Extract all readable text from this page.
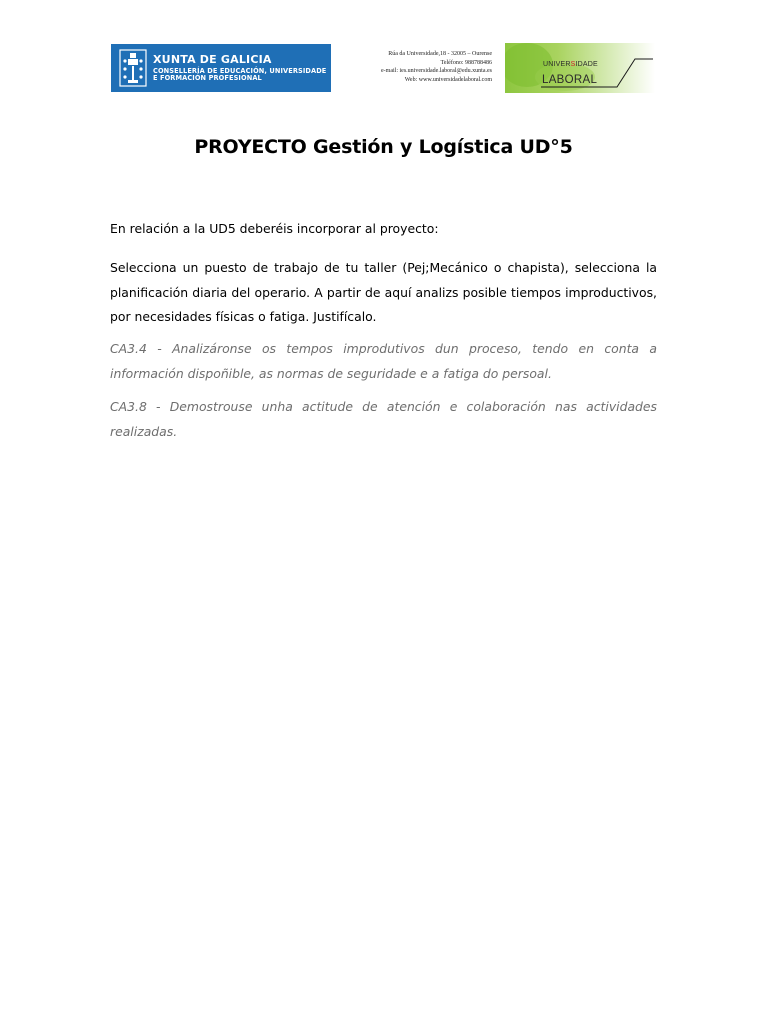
XUNTA DE GALICIA
CONSELLERÍA DE EDUCACIÓN, UNIVERSIDADE
E FORMACIÓN PROFESIONAL
Rúa da Universidade,18 - 32005 – Ourense
Teléfono: 988788486
e-mail: ies.universidade.laboral@edu.xunta.es
Web: www.universidadelaboral.com
UNIVERSIDADE
LABORAL
PROYECTO Gestión y Logística UD°5

En relación a la UD5 deberéis incorporar al proyecto:

Selecciona un puesto de trabajo de tu taller (Pej;Mecánico o chapista), selecciona la planificación diaria del operario. A partir de aquí analizs posible tiempos improductivos, por necesidades físicas o fatiga. Justifícalo.

CA3.4 - Analizáronse os tempos improdutivos dun proceso, tendo en conta a información dispoñible, as normas de seguridade e a fatiga do persoal.

CA3.8 - Demostrouse unha actitude de atención e colaboración nas actividades realizadas.
